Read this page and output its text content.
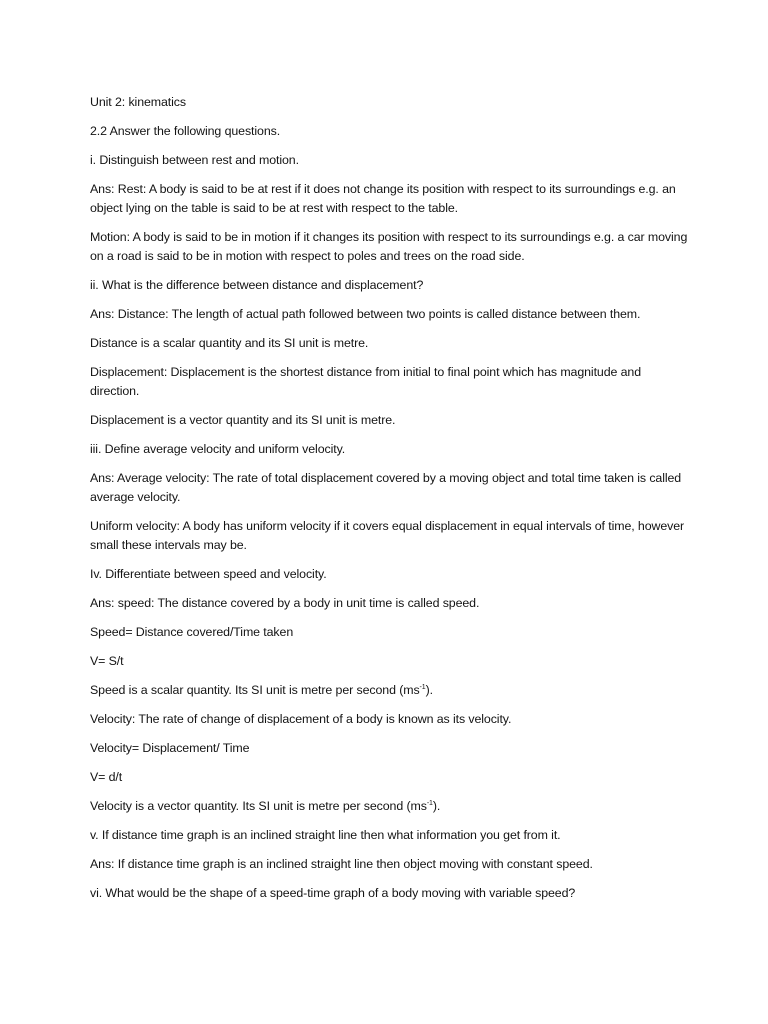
Unit 2: kinematics

2.2 Answer the following questions.

i. Distinguish between rest and motion.

Ans: Rest: A body is said to be at rest if it does not change its position with respect to its surroundings e.g. an object lying on the table is said to be at rest with respect to the table.

Motion: A body is said to be in motion if it changes its position with respect to its surroundings e.g. a car moving on a road is said to be in motion with respect to poles and trees on the road side.

ii. What is the difference between distance and displacement?

Ans: Distance: The length of actual path followed between two points is called distance between them.

Distance is a scalar quantity and its SI unit is metre.

Displacement: Displacement is the shortest distance from initial to final point which has magnitude and direction.

Displacement is a vector quantity and its SI unit is metre.

iii. Define average velocity and uniform velocity.

Ans: Average velocity: The rate of total displacement covered by a moving object and total time taken is called average velocity.

Uniform velocity: A body has uniform velocity if it covers equal displacement in equal intervals of time, however small these intervals may be.

Iv. Differentiate between speed and velocity.

Ans: speed: The distance covered by a body in unit time is called speed.

Speed= Distance covered/Time taken

V= S/t

Speed is a scalar quantity. Its SI unit is metre per second $(ms^{-1})$.

Velocity: The rate of change of displacement of a body is known as its velocity.

Velocity= Displacement/ Time

V= d/t

Velocity is a vector quantity. Its SI unit is metre per second $(ms^{-1})$.

v. If distance time graph is an inclined straight line then what information you get from it.

Ans: If distance time graph is an inclined straight line then object moving with constant speed.

vi. What would be the shape of a speed-time graph of a body moving with variable speed?
